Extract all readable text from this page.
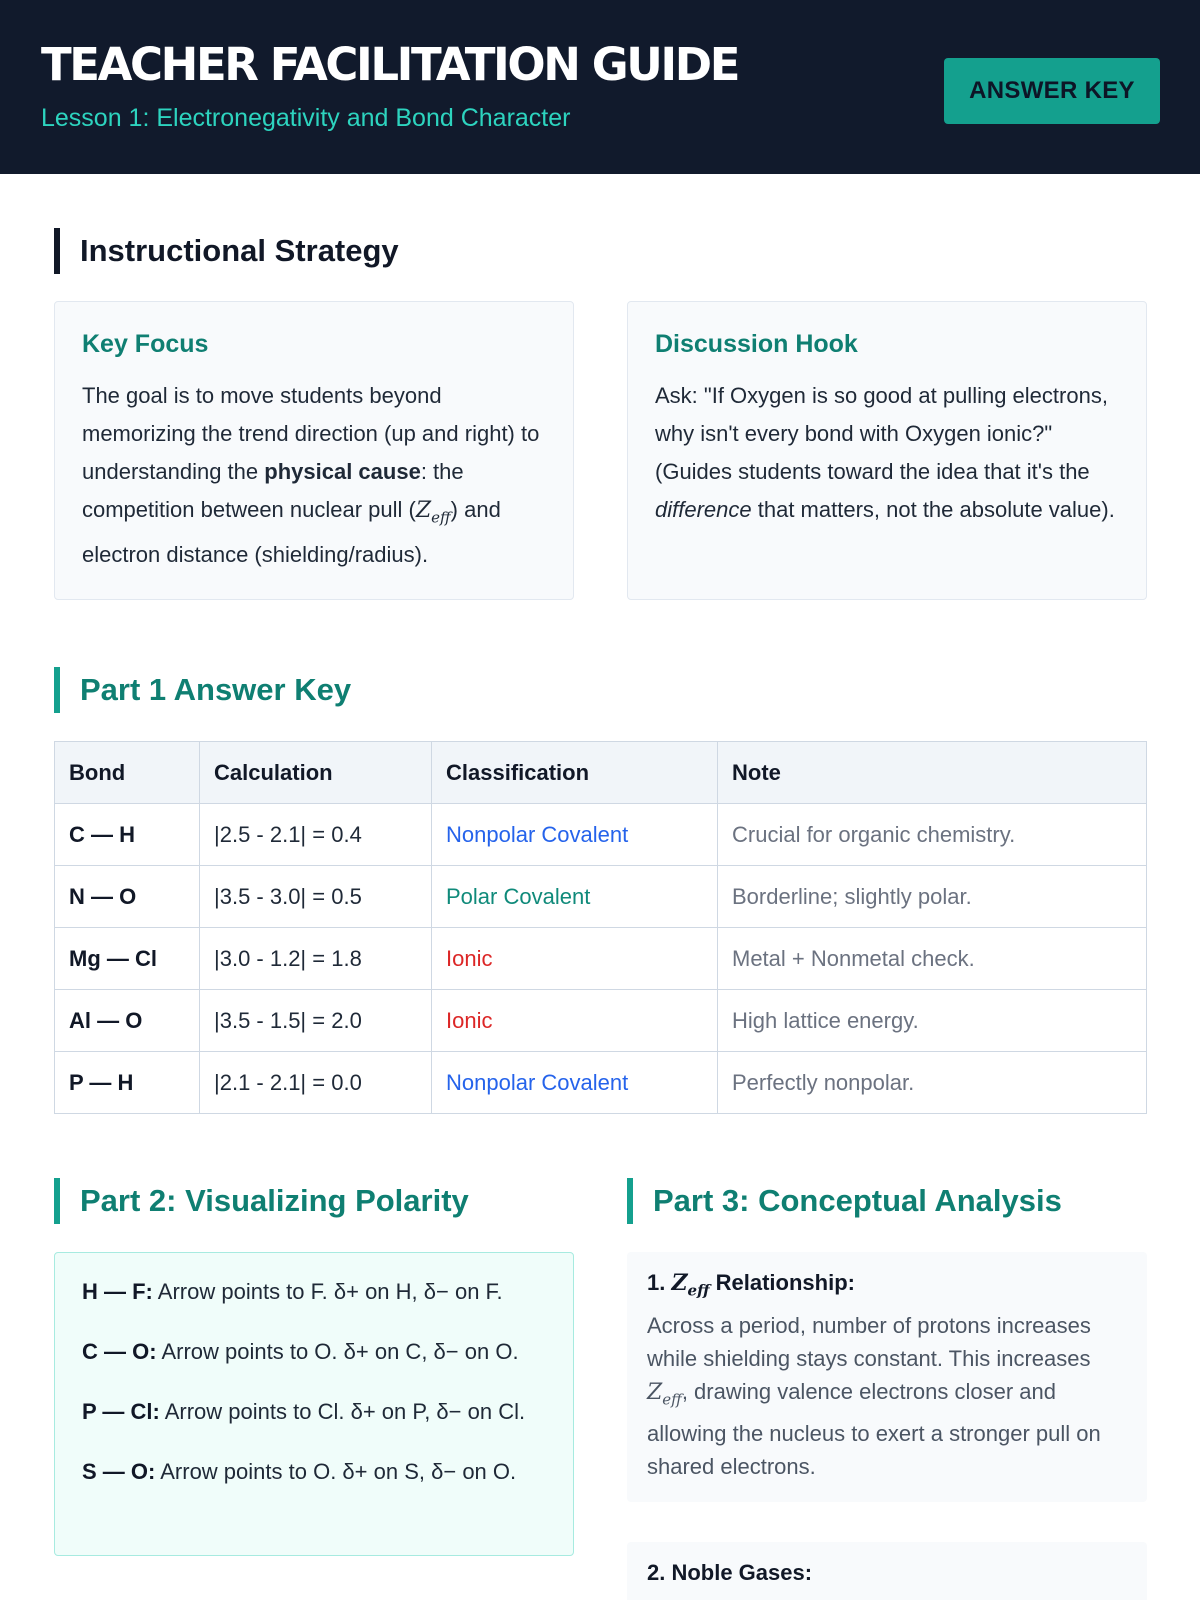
TEACHER FACILITATION GUIDE
Lesson 1: Electronegativity and Bond Character
ANSWER KEY
Instructional Strategy
Key Focus
The goal is to move students beyond memorizing the trend direction (up and right) to understanding the physical cause: the competition between nuclear pull $(Z_{eff})$ and electron distance (shielding/radius).
Discussion Hook
Ask: "If Oxygen is so good at pulling electrons, why isn't every bond with Oxygen ionic?" (Guides students toward the idea that it's the difference that matters, not the absolute value).
Part 1 Answer Key
Bond	Calculation	Classification	Note
C — H	|2.5 - 2.1| = 0.4	Nonpolar Covalent	Crucial for organic chemistry.
N — O	|3.5 - 3.0| = 0.5	Polar Covalent	Borderline; slightly polar.
Mg — Cl	|3.0 - 1.2| = 1.8	Ionic	Metal + Nonmetal check.
Al — O	|3.5 - 1.5| = 2.0	Ionic	High lattice energy.
P — H	|2.1 - 2.1| = 0.0	Nonpolar Covalent	Perfectly nonpolar.
Part 2: Visualizing Polarity
H — F: Arrow points to F. δ+ on H, δ− on F.
C — O: Arrow points to O. δ+ on C, δ− on O.
P — Cl: Arrow points to Cl. δ+ on P, δ− on Cl.
S — O: Arrow points to O. δ+ on S, δ− on O.
Part 3: Conceptual Analysis
1. $Z_{eff}$ Relationship:
Across a period, number of protons increases while shielding stays constant. This increases $Z_{eff}$, drawing valence electrons closer and allowing the nucleus to exert a stronger pull on shared electrons.
2. Noble Gases:
